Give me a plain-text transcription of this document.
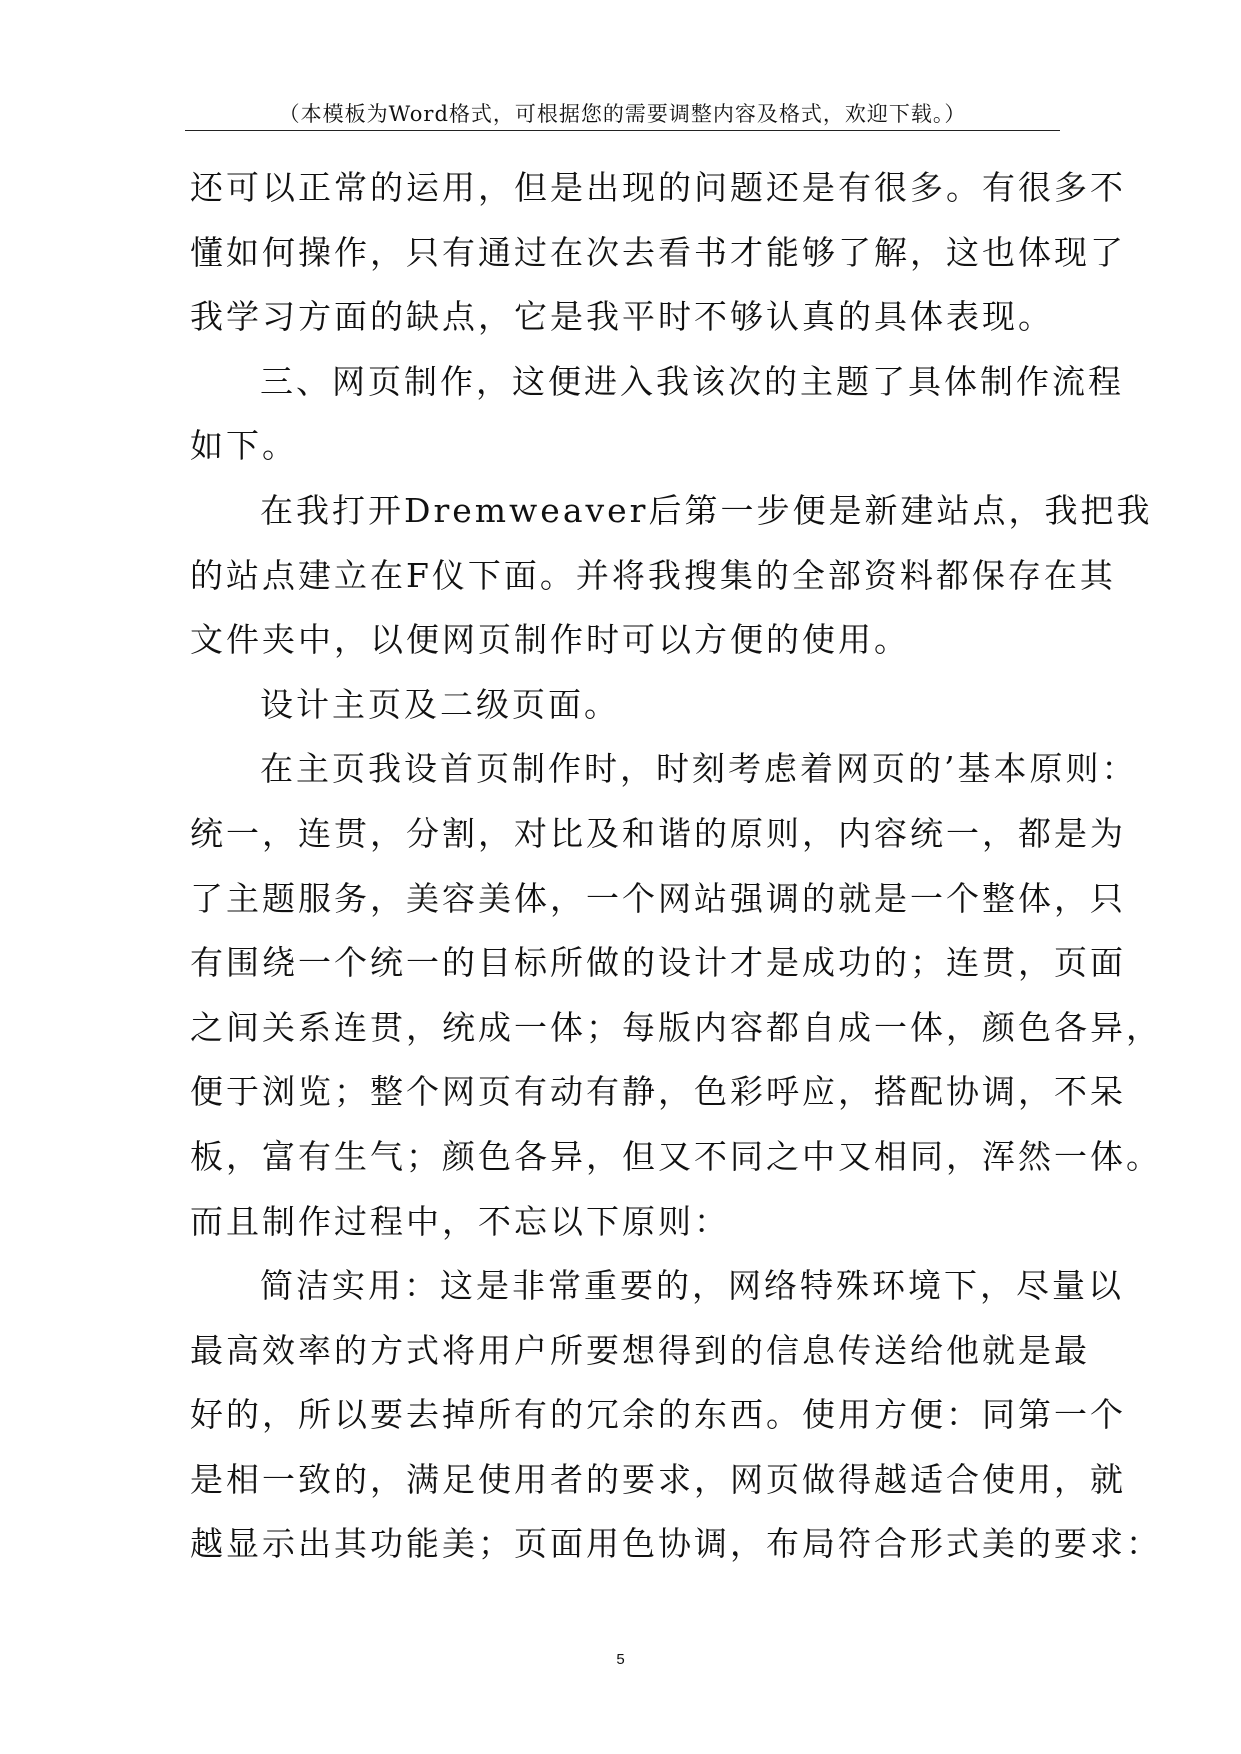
（本模板为Word格式，可根据您的需要调整内容及格式，欢迎下载。）
还可以正常的运用，但是出现的问题还是有很多。有很多不
懂如何操作，只有通过在次去看书才能够了解，这也体现了
我学习方面的缺点，它是我平时不够认真的具体表现。
三、网页制作，这便进入我该次的主题了具体制作流程
如下。
在我打开Dremweaver后第一步便是新建站点，我把我
的站点建立在F仪下面。并将我搜集的全部资料都保存在其
文件夹中，以便网页制作时可以方便的使用。
设计主页及二级页面。
在主页我设首页制作时，时刻考虑着网页的’基本原则：
统一，连贯，分割，对比及和谐的原则，内容统一，都是为
了主题服务，美容美体，一个网站强调的就是一个整体，只
有围绕一个统一的目标所做的设计才是成功的；连贯，页面
之间关系连贯，统成一体；每版内容都自成一体，颜色各异，
便于浏览；整个网页有动有静，色彩呼应，搭配协调，不呆
板，富有生气；颜色各异，但又不同之中又相同，浑然一体。
而且制作过程中，不忘以下原则：
简洁实用：这是非常重要的，网络特殊环境下，尽量以
最高效率的方式将用户所要想得到的信息传送给他就是最
好的，所以要去掉所有的冗余的东西。使用方便：同第一个
是相一致的，满足使用者的要求，网页做得越适合使用，就
越显示出其功能美；页面用色协调，布局符合形式美的要求：
5
